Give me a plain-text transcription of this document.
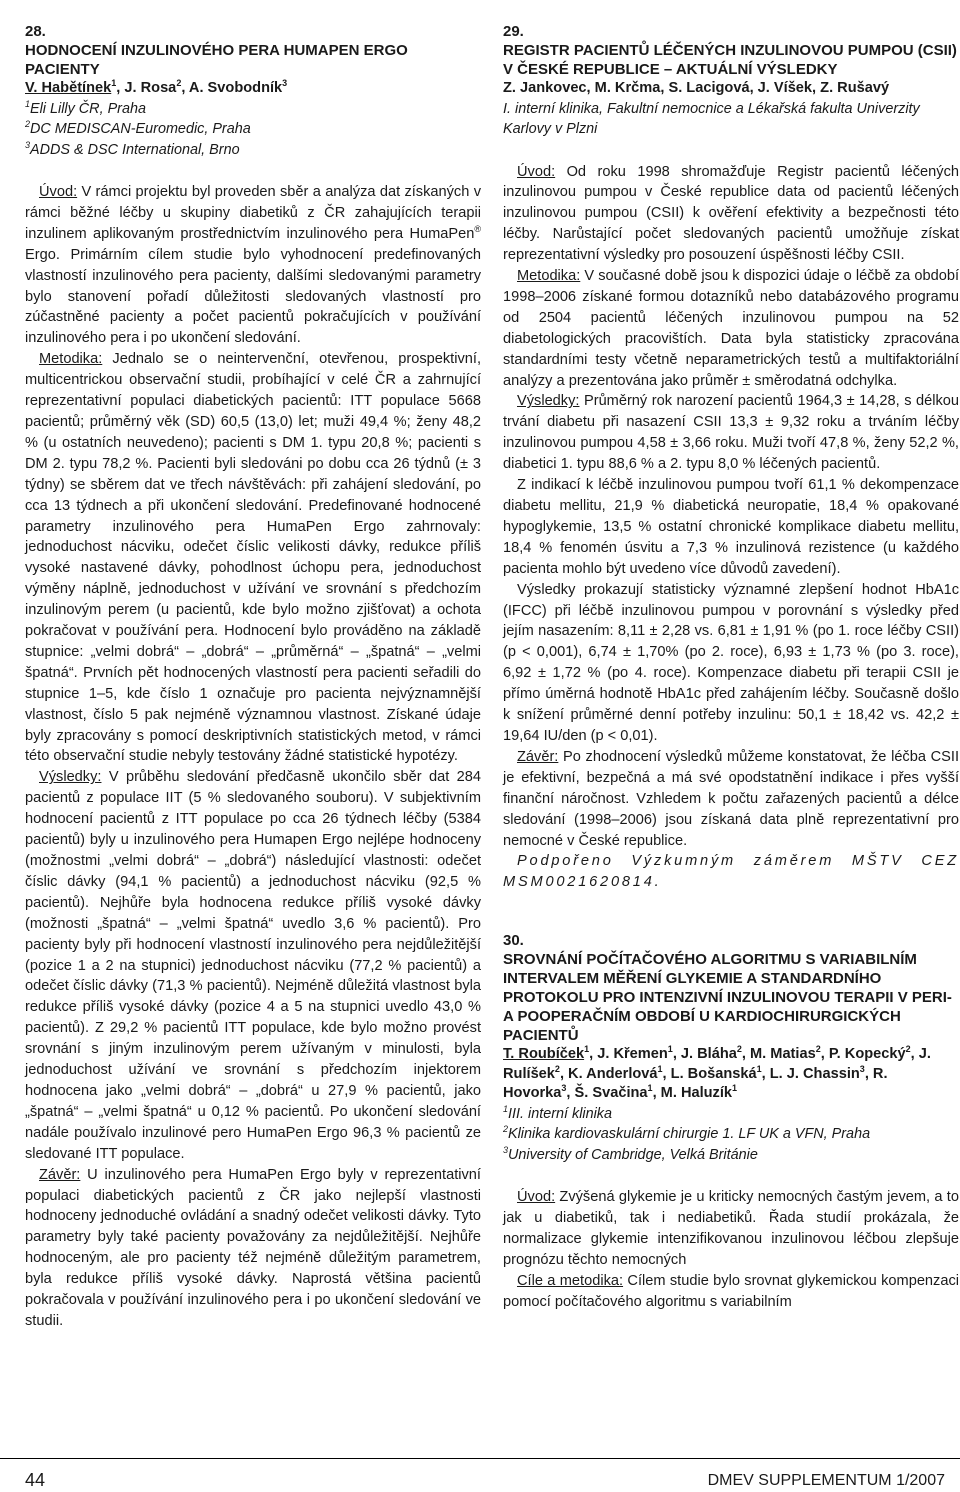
28.
HODNOCENÍ INZULINOVÉHO PERA HUMAPEN ERGO PACIENTY
V. Habětínek$^1$, J. Rosa$^2$, A. Svobodník$^3$
$^1$Eli Lilly ČR, Praha
$^2$DC MEDISCAN-Euromedic, Praha
$^3$ADDS & DSC International, Brno

Úvod: V rámci projektu byl proveden sběr a analýza dat získaných v rámci běžné léčby u skupiny diabetiků z ČR zahajujících terapii inzulinem aplikovaným prostřednictvím inzulinového pera HumaPen® Ergo. Primárním cílem studie bylo vyhodnocení predefinovaných vlastností inzulinového pera pacienty, dalšími sledovanými parametry bylo stanovení pořadí důležitosti sledovaných vlastností pro zúčastněné pacienty a počet pacientů pokračujících v používání inzulinového pera i po ukončení sledování.

Metodika: Jednalo se o neintervenční, otevřenou, prospektivní, multicentrickou observační studii, probíhající v celé ČR a zahrnující reprezentativní populaci diabetických pacientů: ITT populace 5668 pacientů; průměrný věk (SD) 60,5 (13,0) let; muži 49,4 %; ženy 48,2 % (u ostatních neuvedeno); pacienti s DM 1. typu 20,8 %; pacienti s DM 2. typu 78,2 %. Pacienti byli sledováni po dobu cca 26 týdnů (± 3 týdny) se sběrem dat ve třech návštěvách: při zahájení sledování, po cca 13 týdnech a při ukončení sledování. Predefinované hodnocené parametry inzulinového pera HumaPen Ergo zahrnovaly: jednoduchost nácviku, odečet číslic velikosti dávky, redukce příliš vysoké nastavené dávky, pohodlnost úchopu pera, jednoduchost výměny náplně, jednoduchost v užívání ve srovnání s předchozím inzulinovým perem (u pacientů, kde bylo možno zjišťovat) a ochota pokračovat v používání pera. Hodnocení bylo prováděno na základě stupnice: „velmi dobrá“ – „dobrá“ – „průměrná“ – „špatná“ – „velmi špatná“. Prvních pět hodnocených vlastností pera pacienti seřadili do stupnice 1–5, kde číslo 1 označuje pro pacienta nejvýznamnější vlastnost, číslo 5 pak nejméně významnou vlastnost. Získané údaje byly zpracovány s pomocí deskriptivních statistických metod, v rámci této observační studie nebyly testovány žádné statistické hypotézy.

Výsledky: V průběhu sledování předčasně ukončilo sběr dat 284 pacientů z populace IIT (5 % sledovaného souboru). V subjektivním hodnocení pacientů z ITT populace po cca 26 týdnech léčby (5384 pacientů) byly u inzulinového pera Humapen Ergo nejlépe hodnoceny (možnostmi „velmi dobrá“ – „dobrá“) následující vlastnosti: odečet číslic dávky (94,1 % pacientů) a jednoduchost nácviku (92,5 % pacientů). Nejhůře byla hodnocena redukce příliš vysoké dávky (možnosti „špatná“ – „velmi špatná“ uvedlo 3,6 % pacientů). Pro pacienty byly při hodnocení vlastností inzulinového pera nejdůležitější (pozice 1 a 2 na stupnici) jednoduchost nácviku (77,2 % pacientů) a odečet číslic dávky (71,3 % pacientů). Nejméně důležitá vlastnost byla redukce příliš vysoké dávky (pozice 4 a 5 na stupnici uvedlo 43,0 % pacientů). Z 29,2 % pacientů ITT populace, kde bylo možno provést srovnání s jiným inzulinovým perem užívaným v minulosti, byla jednoduchost užívání ve srovnání s předchozím injektorem hodnocena jako „velmi dobrá“ – „dobrá“ u 27,9 % pacientů, jako „špatná“ – „velmi špatná“ u 0,12 % pacientů. Po ukončení sledování nadále používalo inzulinové pero HumaPen Ergo 96,3 % pacientů ze sledované ITT populace.

Závěr: U inzulinového pera HumaPen Ergo byly v reprezentativní populaci diabetických pacientů z ČR jako nejlepší vlastnosti hodnoceny jednoduché ovládání a snadný odečet velikosti dávky. Tyto parametry byly také pacienty považovány za nejdůležitější. Nejhůře hodnoceným, ale pro pacienty též nejméně důležitým parametrem, byla redukce příliš vysoké dávky. Naprostá většina pacientů pokračovala v používání inzulinového pera i po ukončení sledování ve studii.

29.
REGISTR PACIENTŮ LÉČENÝCH INZULINOVOU PUMPOU (CSII) V ČESKÉ REPUBLICE – AKTUÁLNÍ VÝSLEDKY
Z. Jankovec, M. Krčma, S. Lacigová, J. Víšek, Z. Rušavý
I. interní klinika, Fakultní nemocnice a Lékařská fakulta Univerzity Karlovy v Plzni

Úvod: Od roku 1998 shromažďuje Registr pacientů léčených inzulinovou pumpou v České republice data od pacientů léčených inzulinovou pumpou (CSII) k ověření efektivity a bezpečnosti této léčby. Narůstající počet sledovaných pacientů umožňuje získat reprezentativní výsledky pro posouzení úspěšnosti léčby CSII.

Metodika: V současné době jsou k dispozici údaje o léčbě za období 1998–2006 získané formou dotazníků nebo databázového programu od 2504 pacientů léčených inzulinovou pumpou na 52 diabetologických pracovištích. Data byla statisticky zpracována standardními testy včetně neparametrických testů a multifaktoriální analýzy a prezentována jako průměr ± směrodatná odchylka.

Výsledky: Průměrný rok narození pacientů 1964,3 ± 14,28, s délkou trvání diabetu při nasazení CSII 13,3 ± 9,32 roku a trváním léčby inzulinovou pumpou 4,58 ± 3,66 roku. Muži tvoří 47,8 %, ženy 52,2 %, diabetici 1. typu 88,6 % a 2. typu 8,0 % léčených pacientů.

Z indikací k léčbě inzulinovou pumpou tvoří 61,1 % dekompenzace diabetu mellitu, 21,9 % diabetická neuropatie, 18,4 % opakované hypoglykemie, 13,5 % ostatní chronické komplikace diabetu mellitu, 18,4 % fenomén úsvitu a 7,3 % inzulinová rezistence (u každého pacienta mohlo být uvedeno více důvodů zavedení).

Výsledky prokazují statisticky významné zlepšení hodnot HbA1c (IFCC) při léčbě inzulinovou pumpou v porovnání s výsledky před jejím nasazením: 8,11 ± 2,28 vs. 6,81 ± 1,91 % (po 1. roce léčby CSII) (p < 0,001), 6,74 ± 1,70% (po 2. roce), 6,93 ± 1,73 % (po 3. roce), 6,92 ± 1,72 % (po 4. roce). Kompenzace diabetu při terapii CSII je přímo úměrná hodnotě HbA1c před zahájením léčby. Současně došlo k snížení průměrné denní potřeby inzulinu: 50,1 ± 18,42 vs. 42,2 ± 19,64 IU/den (p < 0,01).

Závěr: Po zhodnocení výsledků můžeme konstatovat, že léčba CSII je efektivní, bezpečná a má své opodstatnění indikace i přes vyšší finanční náročnost. Vzhledem k počtu zařazených pacientů a délce sledování (1998–2006) jsou získaná data plně reprezentativní pro nemocné v České republice.

Podpořeno Výzkumným záměrem MŠTV CEZ MSM0021620814.

30.
SROVNÁNÍ POČÍTAČOVÉHO ALGORITMU S VARIABILNÍM INTERVALEM MĚŘENÍ GLYKEMIE A STANDARDNÍHO PROTOKOLU PRO INTENZIVNÍ INZULINOVOU TERAPII V PERI- A POOPERAČNÍM OBDOBÍ U KARDIOCHIRURGICKÝCH PACIENTŮ
T. Roubíček$^1$, J. Křemen$^1$, J. Bláha$^2$, M. Matias$^2$, P. Kopecký$^2$, J. Rulíšek$^2$, K. Anderlová$^1$, L. Bošanská$^1$, L. J. Chassin$^3$, R. Hovorka$^3$, Š. Svačina$^1$, M. Haluzík$^1$
$^1$III. interní klinika
$^2$Klinika kardiovaskulární chirurgie 1. LF UK a VFN, Praha
$^3$University of Cambridge, Velká Británie

Úvod: Zvýšená glykemie je u kriticky nemocných častým jevem, a to jak u diabetiků, tak i nediabetiků. Řada studií prokázala, že normalizace glykemie intenzifikovanou inzulinovou léčbou zlepšuje prognózu těchto nemocných

Cíle a metodika: Cílem studie bylo srovnat glykemickou kompenzaci pomocí počítačového algoritmu s variabilním

44	DMEV SUPPLEMENTUM 1/2007
